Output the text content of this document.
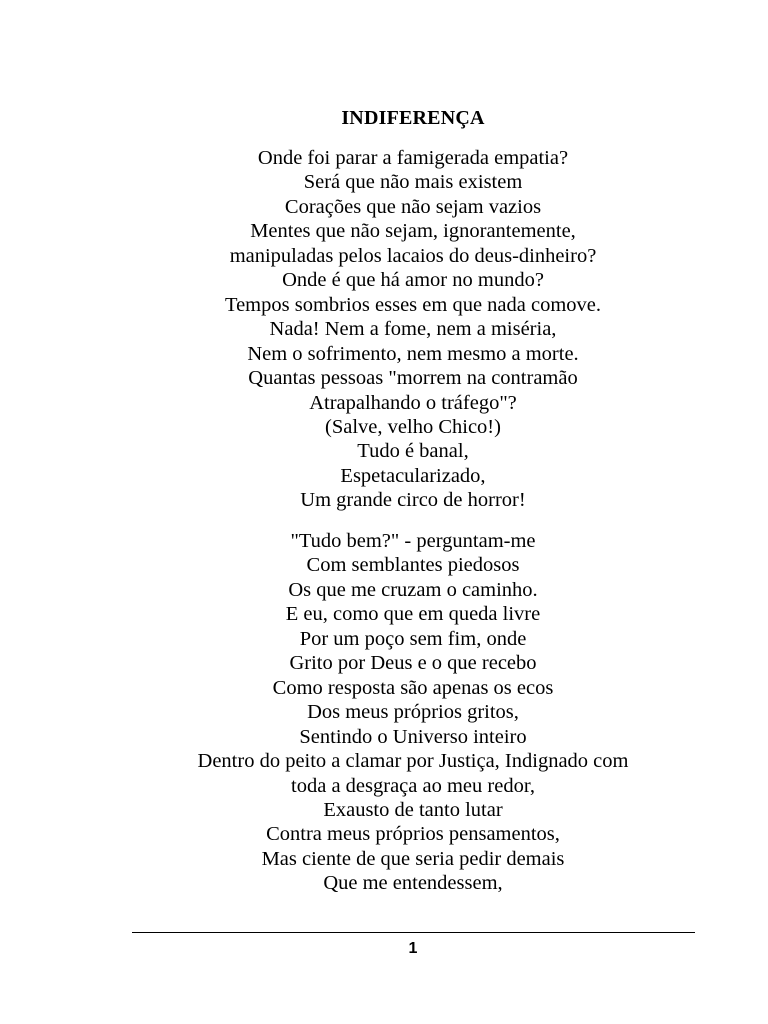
INDIFERENÇA
Onde foi parar a famigerada empatia?
Será que não mais existem
Corações que não sejam vazios
Mentes que não sejam, ignorantemente,
manipuladas pelos lacaios do deus-dinheiro?
Onde é que há amor no mundo?
Tempos sombrios esses em que nada comove.
Nada! Nem a fome, nem a miséria,
Nem o sofrimento, nem mesmo a morte.
Quantas pessoas "morrem na contramão
Atrapalhando o tráfego"?
(Salve, velho Chico!)
Tudo é banal,
Espetacularizado,
Um grande circo de horror!
"Tudo bem?" - perguntam-me
Com semblantes piedosos
Os que me cruzam o caminho.
E eu, como que em queda livre
Por um poço sem fim, onde
Grito por Deus e o que recebo
Como resposta são apenas os ecos
Dos meus próprios gritos,
Sentindo o Universo inteiro
Dentro do peito a clamar por Justiça, Indignado com
toda a desgraça ao meu redor,
Exausto de tanto lutar
Contra meus próprios pensamentos,
Mas ciente de que seria pedir demais
Que me entendessem,
1
